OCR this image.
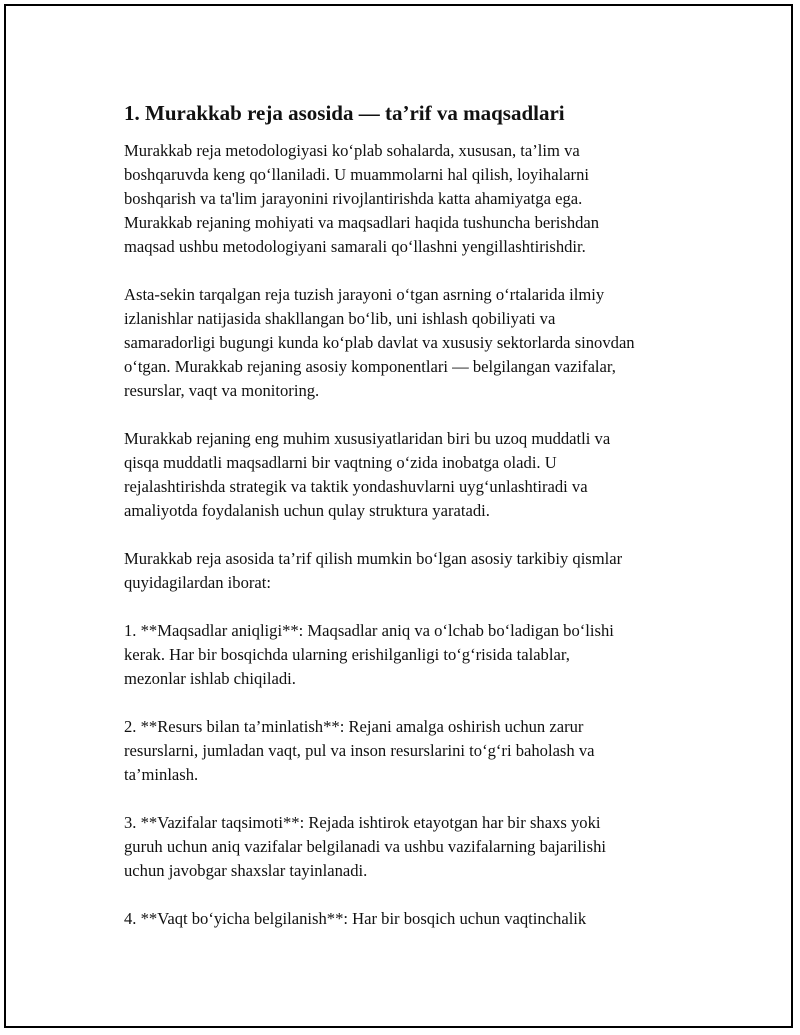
1. Murakkab reja asosida — ta’rif va maqsadlari

Murakkab reja metodologiyasi ko‘plab sohalarda, xususan, ta’lim va
boshqaruvda keng qo‘llaniladi. U muammolarni hal qilish, loyihalarni
boshqarish va ta'lim jarayonini rivojlantirishda katta ahamiyatga ega.
Murakkab rejaning mohiyati va maqsadlari haqida tushuncha berishdan
maqsad ushbu metodologiyani samarali qo‘llashni yengillashtirishdir.

Asta-sekin tarqalgan reja tuzish jarayoni o‘tgan asrning o‘rtalarida ilmiy
izlanishlar natijasida shakllangan bo‘lib, uni ishlash qobiliyati va
samaradorligi bugungi kunda ko‘plab davlat va xususiy sektorlarda sinovdan
o‘tgan. Murakkab rejaning asosiy komponentlari — belgilangan vazifalar,
resurslar, vaqt va monitoring.

Murakkab rejaning eng muhim xususiyatlaridan biri bu uzoq muddatli va
qisqa muddatli maqsadlarni bir vaqtning o‘zida inobatga oladi. U
rejalashtirishda strategik va taktik yondashuvlarni uyg‘unlashtiradi va
amaliyotda foydalanish uchun qulay struktura yaratadi.

Murakkab reja asosida ta’rif qilish mumkin bo‘lgan asosiy tarkibiy qismlar
quyidagilardan iborat:

1. **Maqsadlar aniqligi**: Maqsadlar aniq va o‘lchab bo‘ladigan bo‘lishi
kerak. Har bir bosqichda ularning erishilganligi to‘g‘risida talablar,
mezonlar ishlab chiqiladi.

2. **Resurs bilan ta’minlatish**: Rejani amalga oshirish uchun zarur
resurslarni, jumladan vaqt, pul va inson resurslarini to‘g‘ri baholash va
ta’minlash.

3. **Vazifalar taqsimoti**: Rejada ishtirok etayotgan har bir shaxs yoki
guruh uchun aniq vazifalar belgilanadi va ushbu vazifalarning bajarilishi
uchun javobgar shaxslar tayinlanadi.

4. **Vaqt bo‘yicha belgilanish**: Har bir bosqich uchun vaqtinchalik
